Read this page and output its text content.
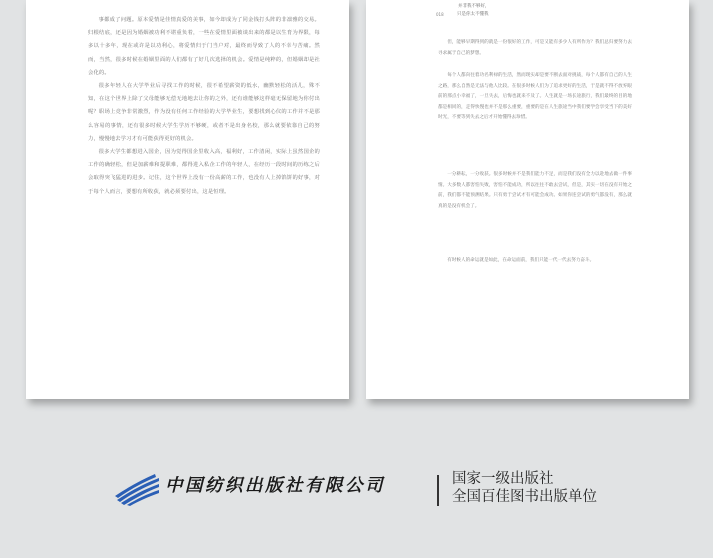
事都成了问题。原本爱情是佳情真爱的美事，如今却成为了同金钱打头阵的非凛雅的交易。归根结底，还是因为婚姻被功利不堪重负着，一些在爱情里面被谈出来的都是以生育为界限，每多以十多年，现在或许是以功利心，将爱情归于门当户对，最终而导致了人的不幸与苦痛。然而，当然，很多时候在婚姻里面的人们都有了好几次选择的机会。爱情是纯粹的，但婚姻却是社会化的。

很多年轻人在大学毕业后寻找工作的时候，很不希望薪资的低水，幽默轻松的活儿，殊不知，在这个世界上除了父母能够无偿无地地去让你的之外，还有谁能够这样毫无保留地为你付出呢？职场上竞争非常激烈，作为没有任何工作经验的大学毕业生，要想找到心仪的工作并不是那么容易的事情，还有很多时候大学生学历不够硬，或者不是出身名校，那么就要依靠自己的努力，慢慢地去学习才有可能获得更好的机会。

很多大学生都想进入国企，因为觉得国企里收入高，福利好，工作清闲，实际上虽然国企的工作的确轻松，但是加薪难和提职难，都得进入私企工作的年轻人，在经历一段时间的历练之后会取得突飞猛进的进步。记住，这个世界上没有一份高薪的工作，也没有人上掉馅饼的好事，对于每个人而言，要想有所收获，就必须要付出，这是恒理。

并非我不够好，
018	只是你太不懂我

但，能够早期得到的就是一份很好的工作，可是又能有多少人有所作为？我们总归要努力去寻求属于自己的梦想。

每个人都向往着功名利禄的生活，然而现实却是要不断去面对挑战，每个人都有自己的人生之路，那么自然是无法与他人比较。在很多时候人们为了追求更好的生活，于是就不得不放弃眼前的那点小幸福了，一旦失去，后悔也就来不及了。人生就是一场长途旅行，我们最终的目的地都是相同的，走得快慢也并不是那么重要，重要的是在人生旅途当中我们要学会享受当下的美好时光，不要等到失去之后才开始懂得去珍惜。

一分耕耘，一分收获。很多时候并不是我们能力不足，而是我们没有全力以赴地去做一件事情。大多数人都害怕失败，害怕不能成功，所以往往不敢去尝试，但是，其实一切在没有开始之前，我们都不能预测结果。只有勇于尝试才有可能会成功。如果你连尝试的勇气都没有，那么就真的是没有机会了。

有时候人的命运就是如此，在命运面前，我们只能一代一代去努力奋斗。

中国纺织出版社有限公司	国家一级出版社
全国百佳图书出版单位
